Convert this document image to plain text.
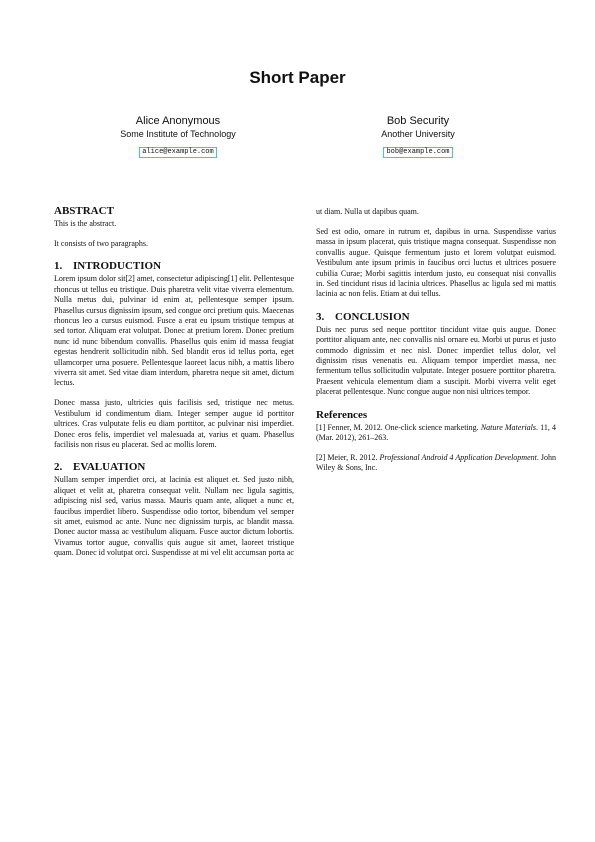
Short Paper
Alice Anonymous
Some Institute of Technology
alice@example.com
Bob Security
Another University
bob@example.com
ABSTRACT

This is the abstract.

It consists of two paragraphs.

1. INTRODUCTION

Lorem ipsum dolor sit[2] amet, consectetur adipiscing[1] elit. Pellentesque rhoncus ut tellus eu tristique. Duis pharetra velit vitae viverra elementum. Nulla metus dui, pulvinar id enim at, pellentesque semper ipsum. Phasellus cursus dignissim ipsum, sed congue orci pretium quis. Maecenas rhoncus leo a cursus euismod. Fusce a erat eu ipsum tristique tempus at sed tortor. Aliquam erat volutpat. Donec at pretium lorem. Donec pretium nunc id nunc bibendum convallis. Phasellus quis enim id massa feugiat egestas hendrerit sollicitudin nibh. Sed blandit eros id tellus porta, eget ullamcorper urna posuere. Pellentesque laoreet lacus nibh, a mattis libero viverra sit amet. Sed vitae diam interdum, pharetra neque sit amet, dictum lectus.

Donec massa justo, ultricies quis facilisis sed, tristique nec metus. Vestibulum id condimentum diam. Integer semper augue id porttitor ultrices. Cras vulputate felis eu diam porttitor, ac pulvinar nisi imperdiet. Donec eros felis, imperdiet vel malesuada at, varius et quam. Phasellus facilisis non risus eu placerat. Sed ac mollis lorem.

2. EVALUATION

Nullam semper imperdiet orci, at lacinia est aliquet et. Sed justo nibh, aliquet et velit at, pharetra consequat velit. Nullam nec ligula sagittis, adipiscing nisl sed, varius massa. Mauris quam ante, aliquet a nunc et, faucibus imperdiet libero. Suspendisse odio tortor, bibendum vel semper sit amet, euismod ac ante. Nunc nec dignissim turpis, ac blandit massa. Donec auctor massa ac vestibulum aliquam. Fusce auctor dictum lobortis. Vivamus tortor augue, convallis quis augue sit amet, laoreet tristique quam. Donec id volutpat orci. Suspendisse at mi vel elit accumsan porta ac

ut diam. Nulla ut dapibus quam.

Sed est odio, ornare in rutrum et, dapibus in urna. Suspendisse varius massa in ipsum placerat, quis tristique magna consequat. Suspendisse non convallis augue. Quisque fermentum justo et lorem volutpat euismod. Vestibulum ante ipsum primis in faucibus orci luctus et ultrices posuere cubilia Curae; Morbi sagittis interdum justo, eu consequat nisi convallis in. Sed tincidunt risus id lacinia ultrices. Phasellus ac ligula sed mi mattis lacinia ac non felis. Etiam at dui tellus.

3. CONCLUSION

Duis nec purus sed neque porttitor tincidunt vitae quis augue. Donec porttitor aliquam ante, nec convallis nisl ornare eu. Morbi ut purus et justo commodo dignissim et nec nisl. Donec imperdiet tellus dolor, vel dignissim risus venenatis eu. Aliquam tempor imperdiet massa, nec fermentum tellus sollicitudin vulputate. Integer posuere porttitor pharetra. Praesent vehicula elementum diam a suscipit. Morbi viverra velit eget placerat pellentesque. Nunc congue augue non nisi ultrices tempor.

References

[1] Fenner, M. 2012. One-click science marketing. Nature Materials. 11, 4 (Mar. 2012), 261–263.

[2] Meier, R. 2012. Professional Android 4 Application Development. John Wiley & Sons, Inc.
